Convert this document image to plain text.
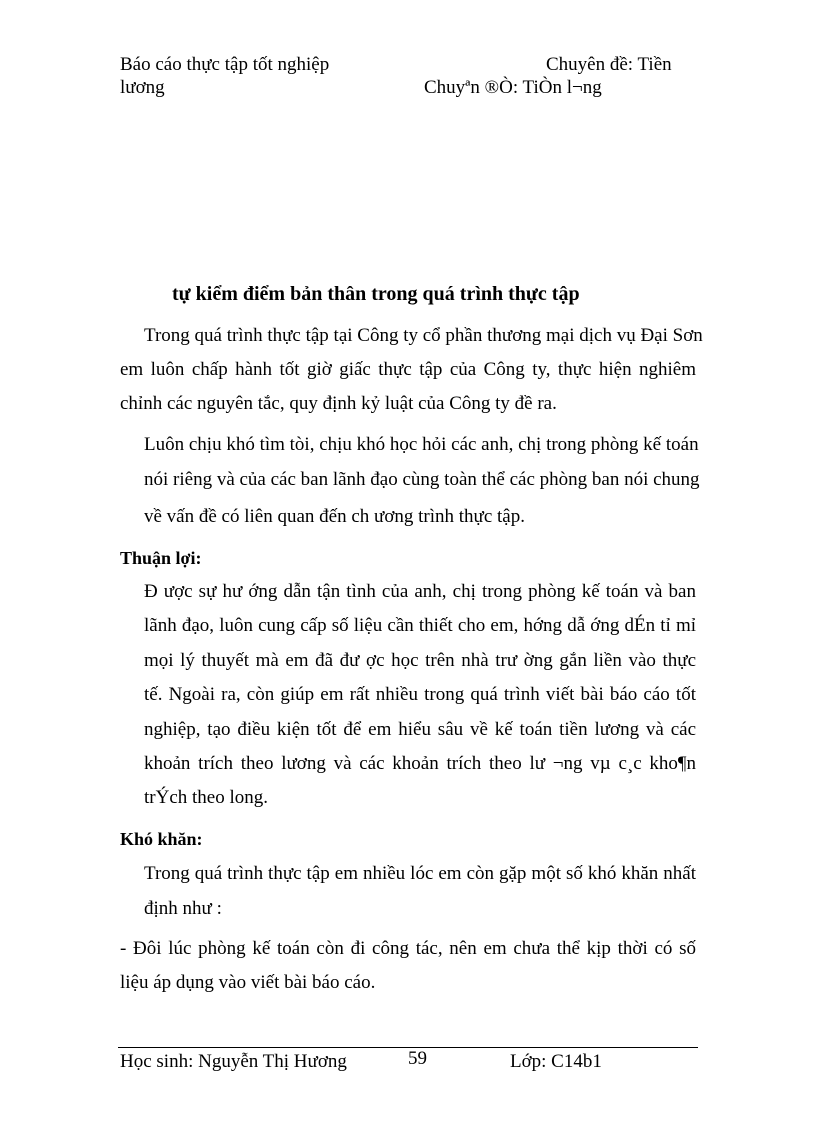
Báo cáo thực tập tốt nghiệp	Chuyên đề: Tiền
lương	Chuyªn ®Ò: TiÒn l¬ng
tự kiểm điểm bản thân trong quá trình thực tập
Trong quá trình thực tập tại Công ty cổ phần thương mại dịch vụ Đại Sơn
em luôn chấp hành tốt giờ giấc thực tập của Công ty, thực hiện nghiêm
chỉnh các nguyên tắc, quy định kỷ luật của Công ty đề ra.
Luôn chịu khó tìm tòi, chịu khó học hỏi các anh, chị trong phòng kế toán
nói riêng và của các ban lãnh đạo cùng toàn thể các phòng ban nói chung
về vấn đề có liên quan đến ch ương trình thực tập.
Thuận lợi:
Đ ược sự hư ớng dẫn tận tình của anh, chị trong phòng kế toán và ban
lãnh đạo, luôn cung cấp số liệu cần thiết cho em, hớng dẫ ớng dÉn tỉ mỉ
mọi lý thuyết mà em đã đư ợc học trên nhà trư ờng gắn liền vào thực
tế. Ngoài ra, còn giúp em rất nhiều trong quá trình viết bài báo cáo tốt
nghiệp, tạo điều kiện tốt để em hiểu sâu về kế toán tiền lương và các
khoản trích theo lương và các khoản trích theo lư ¬ng vµ c¸c kho¶n
trÝch theo long.
Khó khăn:
Trong quá trình thực tập em nhiều lóc em còn gặp một số khó khăn nhất
định như :
- Đôi lúc phòng kế toán còn đi công tác, nên em chưa thể kịp thời có số
liệu áp dụng vào viết bài báo cáo.
Học sinh: Nguyễn Thị Hương	59	Lớp: C14b1
